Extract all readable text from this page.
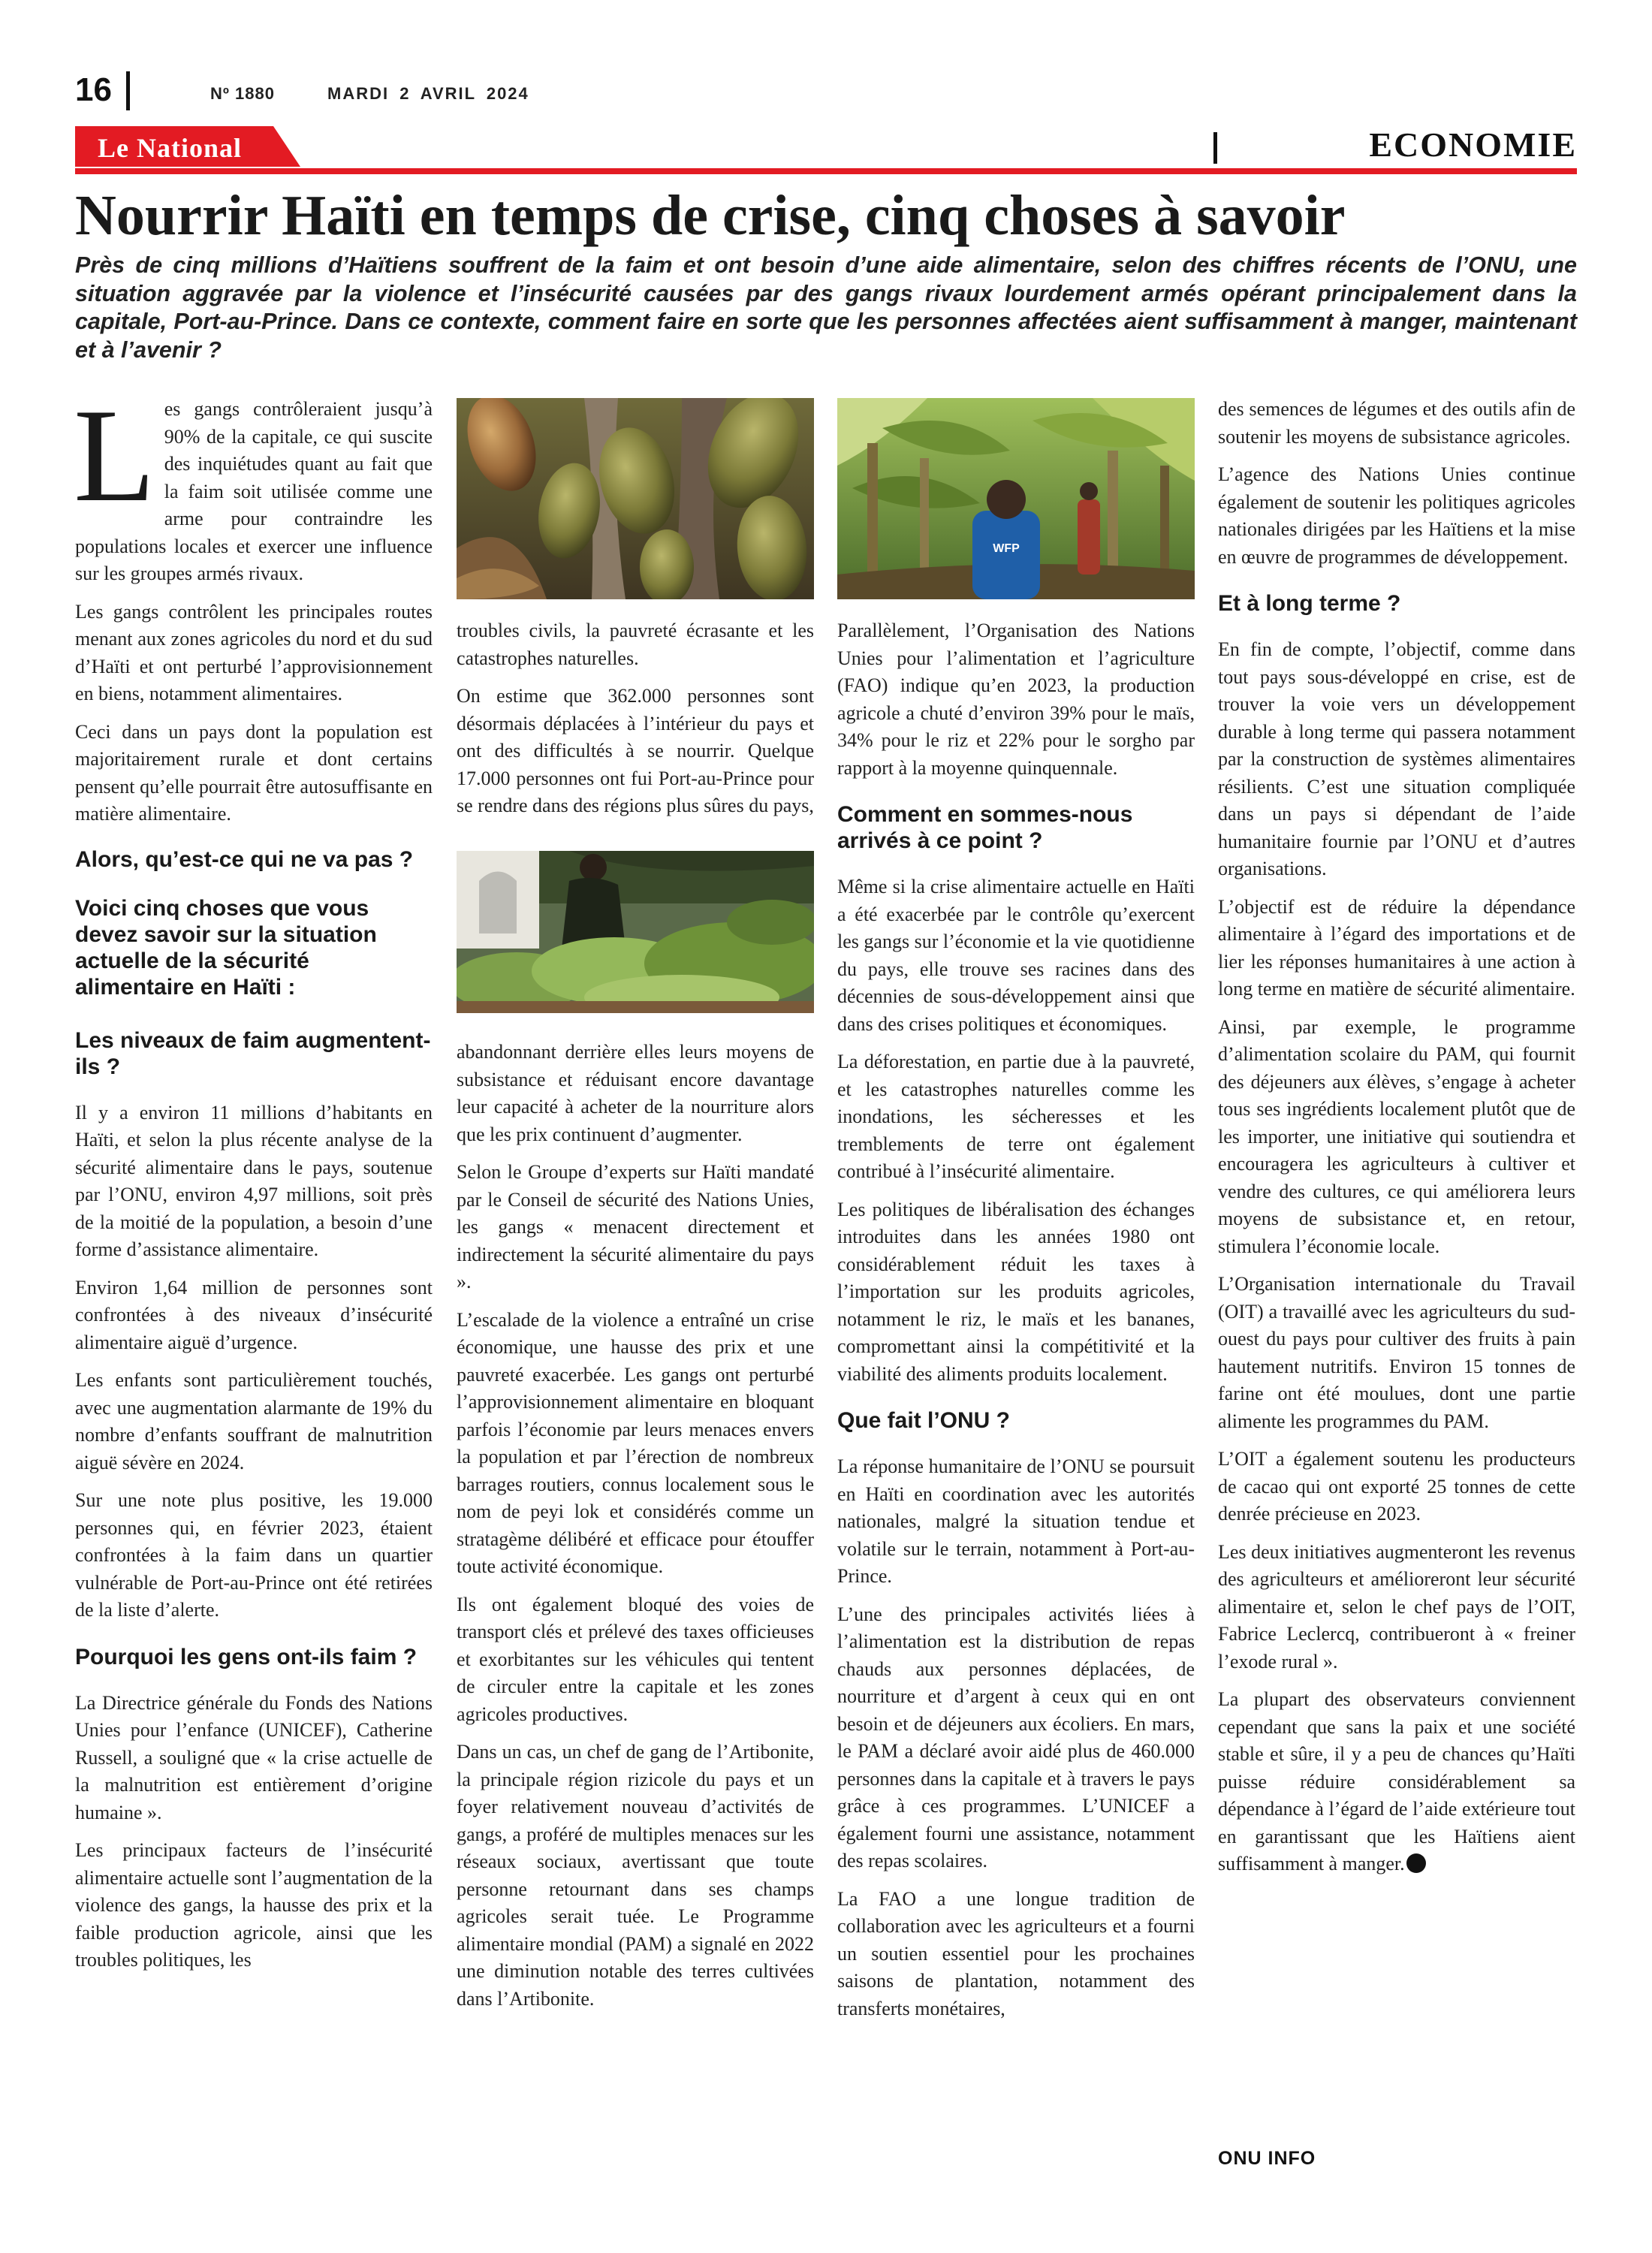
16	Nº 1880	MARDI 2 AVRIL 2024
Le National	ECONOMIE
Nourrir Haïti en temps de crise, cinq choses à savoir
Près de cinq millions d’Haïtiens souffrent de la faim et ont besoin d’une aide alimentaire, selon des chiffres récents de l’ONU, une situation aggravée par la violence et l’insécurité causées par des gangs rivaux lourdement armés opérant principalement dans la capitale, Port-au-Prince. Dans ce contexte, comment faire en sorte que les personnes affectées aient suffisamment à manger, maintenant et à l’avenir ?

Les gangs contrôleraient jusqu’à 90% de la capitale, ce qui suscite des inquiétudes quant au fait que la faim soit utilisée comme une arme pour contraindre les populations locales et exercer une influence sur les groupes armés rivaux.

Les gangs contrôlent les principales routes menant aux zones agricoles du nord et du sud d’Haïti et ont perturbé l’approvisionnement en biens, notamment alimentaires.

Ceci dans un pays dont la population est majoritairement rurale et dont certains pensent qu’elle pourrait être autosuffisante en matière alimentaire.

Alors, qu’est-ce qui ne va pas ?
Voici cinq choses que vous devez savoir sur la situation actuelle de la sécurité alimentaire en Haïti :
Les niveaux de faim augmentent-ils ?

Il y a environ 11 millions d’habitants en Haïti, et selon la plus récente analyse de la sécurité alimentaire dans le pays, soutenue par l’ONU, environ 4,97 millions, soit près de la moitié de la population, a besoin d’une forme d’assistance alimentaire.

Environ 1,64 million de personnes sont confrontées à des niveaux d’insécurité alimentaire aiguë d’urgence.

Les enfants sont particulièrement touchés, avec une augmentation alarmante de 19% du nombre d’enfants souffrant de malnutrition aiguë sévère en 2024.

Sur une note plus positive, les 19.000 personnes qui, en février 2023, étaient confrontées à la faim dans un quartier vulnérable de Port-au-Prince ont été retirées de la liste d’alerte.

Pourquoi les gens ont-ils faim ?

La Directrice générale du Fonds des Nations Unies pour l’enfance (UNICEF), Catherine Russell, a souligné que « la crise actuelle de la malnutrition est entièrement d’origine humaine ».

Les principaux facteurs de l’insécurité alimentaire actuelle sont l’augmentation de la violence des gangs, la hausse des prix et la faible production agricole, ainsi que les troubles politiques, les

WFP

troubles civils, la pauvreté écrasante et les catastrophes naturelles.

On estime que 362.000 personnes sont désormais déplacées à l’intérieur du pays et ont des difficultés à se nourrir. Quelque 17.000 personnes ont fui Port-au-Prince pour se rendre dans des régions plus sûres du pays,

abandonnant derrière elles leurs moyens de subsistance et réduisant encore davantage leur capacité à acheter de la nourriture alors que les prix continuent d’augmenter.

Selon le Groupe d’experts sur Haïti mandaté par le Conseil de sécurité des Nations Unies, les gangs « menacent directement et indirectement la sécurité alimentaire du pays ».

L’escalade de la violence a entraîné un crise économique, une hausse des prix et une pauvreté exacerbée. Les gangs ont perturbé l’approvisionnement alimentaire en bloquant parfois l’économie par leurs menaces envers la population et par l’érection de nombreux barrages routiers, connus localement sous le nom de peyi lok et considérés comme un stratagème délibéré et efficace pour étouffer toute activité économique.

Ils ont également bloqué des voies de transport clés et prélevé des taxes officieuses et exorbitantes sur les véhicules qui tentent de circuler entre la capitale et les zones agricoles productives.

Dans un cas, un chef de gang de l’Artibonite, la principale région rizicole du pays et un foyer relativement nouveau d’activités de gangs, a proféré de multiples menaces sur les réseaux sociaux, avertissant que toute personne retournant dans ses champs agricoles serait tuée. Le Programme alimentaire mondial (PAM) a signalé en 2022 une diminution notable des terres cultivées dans l’Artibonite.

Parallèlement, l’Organisation des Nations Unies pour l’alimentation et l’agriculture (FAO) indique qu’en 2023, la production agricole a chuté d’environ 39% pour le maïs, 34% pour le riz et 22% pour le sorgho par rapport à la moyenne quinquennale.

Comment en sommes-nous arrivés à ce point ?

Même si la crise alimentaire actuelle en Haïti a été exacerbée par le contrôle qu’exercent les gangs sur l’économie et la vie quotidienne du pays, elle trouve ses racines dans des décennies de sous-développement ainsi que dans des crises politiques et économiques.

La déforestation, en partie due à la pauvreté, et les catastrophes naturelles comme les inondations, les sécheresses et les tremblements de terre ont également contribué à l’insécurité alimentaire.

Les politiques de libéralisation des échanges introduites dans les années 1980 ont considérablement réduit les taxes à l’importation sur les produits agricoles, notamment le riz, le maïs et les bananes, compromettant ainsi la compétitivité et la viabilité des aliments produits localement.

Que fait l’ONU ?

La réponse humanitaire de l’ONU se poursuit en Haïti en coordination avec les autorités nationales, malgré la situation tendue et volatile sur le terrain, notamment à Port-au-Prince.

L’une des principales activités liées à l’alimentation est la distribution de repas chauds aux personnes déplacées, de nourriture et d’argent à ceux qui en ont besoin et de déjeuners aux écoliers. En mars, le PAM a déclaré avoir aidé plus de 460.000 personnes dans la capitale et à travers le pays grâce à ces programmes. L’UNICEF a également fourni une assistance, notamment des repas scolaires.

La FAO a une longue tradition de collaboration avec les agriculteurs et a fourni un soutien essentiel pour les prochaines saisons de plantation, notamment des transferts monétaires,

des semences de légumes et des outils afin de soutenir les moyens de subsistance agricoles.

L’agence des Nations Unies continue également de soutenir les politiques agricoles nationales dirigées par les Haïtiens et la mise en œuvre de programmes de développement.

Et à long terme ?

En fin de compte, l’objectif, comme dans tout pays sous-développé en crise, est de trouver la voie vers un développement durable à long terme qui passera notamment par la construction de systèmes alimentaires résilients. C’est une situation compliquée dans un pays si dépendant de l’aide humanitaire fournie par l’ONU et d’autres organisations.

L’objectif est de réduire la dépendance alimentaire à l’égard des importations et de lier les réponses humanitaires à une action à long terme en matière de sécurité alimentaire.

Ainsi, par exemple, le programme d’alimentation scolaire du PAM, qui fournit des déjeuners aux élèves, s’engage à acheter tous ses ingrédients localement plutôt que de les importer, une initiative qui soutiendra et encouragera les agriculteurs à cultiver et vendre des cultures, ce qui améliorera leurs moyens de subsistance et, en retour, stimulera l’économie locale.

L’Organisation internationale du Travail (OIT) a travaillé avec les agriculteurs du sud-ouest du pays pour cultiver des fruits à pain hautement nutritifs. Environ 15 tonnes de farine ont été moulues, dont une partie alimente les programmes du PAM.

L’OIT a également soutenu les producteurs de cacao qui ont exporté 25 tonnes de cette denrée précieuse en 2023.

Les deux initiatives augmenteront les revenus des agriculteurs et amélioreront leur sécurité alimentaire et, selon le chef pays de l’OIT, Fabrice Leclercq, contribueront à « freiner l’exode rural ».

La plupart des observateurs conviennent cependant que sans la paix et une société stable et sûre, il y a peu de chances qu’Haïti puisse réduire considérablement sa dépendance à l’égard de l’aide extérieure tout en garantissant que les Haïtiens aient suffisamment à manger.

ONU INFO
